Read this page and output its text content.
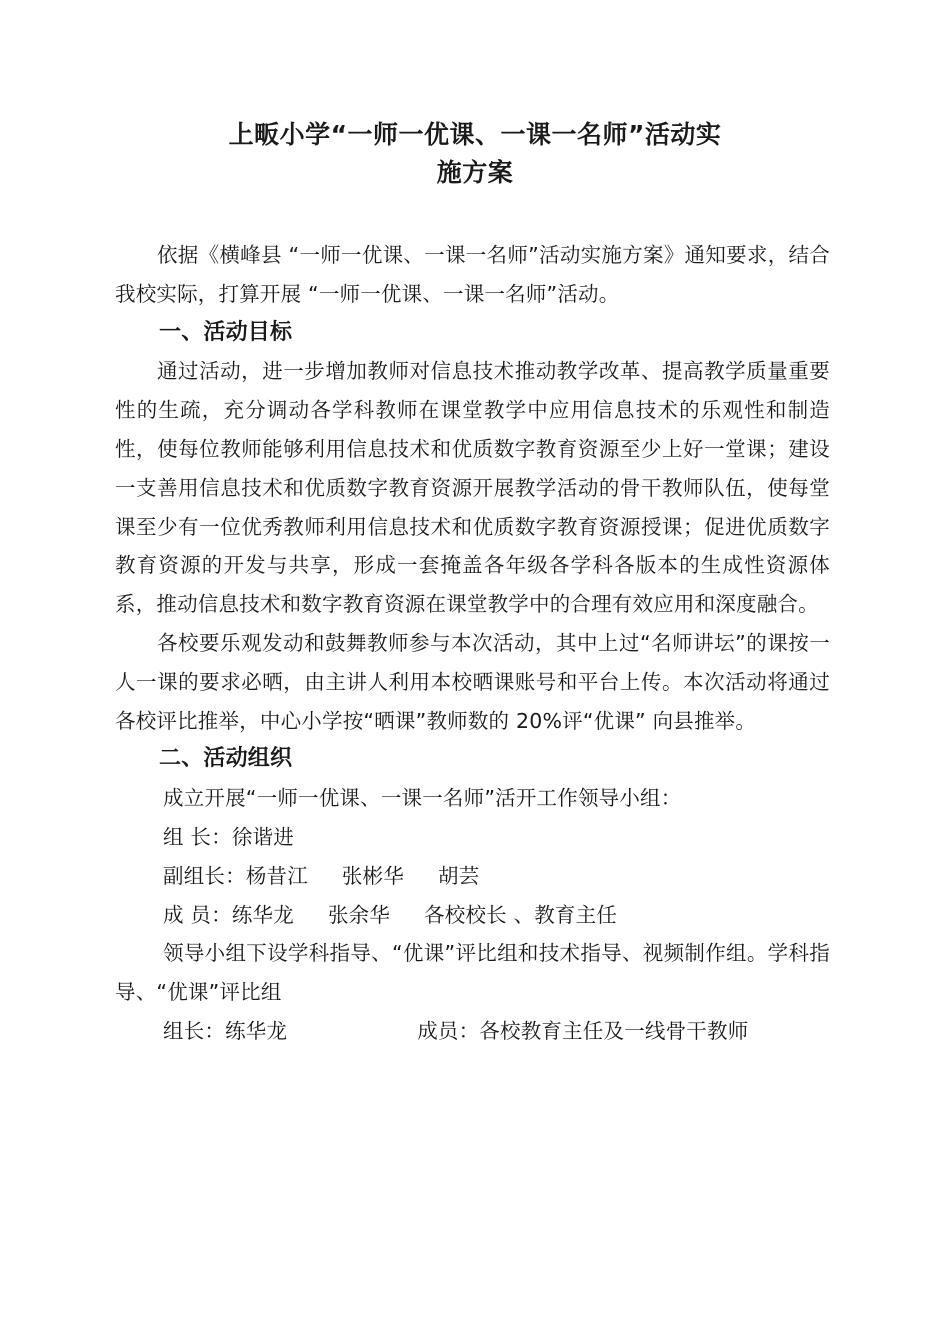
上畈小学“一师一优课、一课一名师”活动实
施方案

依据《横峰县 “一师一优课、一课一名师”活动实施方案》通知要求，结合我校实际，打算开展 “一师一优课、一课一名师”活动。

一、活动目标

通过活动，进一步增加教师对信息技术推动教学改革、提高教学质量重要性的生疏，充分调动各学科教师在课堂教学中应用信息技术的乐观性和制造性，使每位教师能够利用信息技术和优质数字教育资源至少上好一堂课；建设一支善用信息技术和优质数字教育资源开展教学活动的骨干教师队伍，使每堂课至少有一位优秀教师利用信息技术和优质数字教育资源授课；促进优质数字教育资源的开发与共享，形成一套掩盖各年级各学科各版本的生成性资源体系，推动信息技术和数字教育资源在课堂教学中的合理有效应用和深度融合。

各校要乐观发动和鼓舞教师参与本次活动，其中上过“名师讲坛”的课按一人一课的要求必晒，由主讲人利用本校晒课账号和平台上传。本次活动将通过各校评比推举，中心小学按“晒课”教师数的 20%评“优课” 向县推举。

二、活动组织

成立开展“一师一优课、一课一名师”活开工作领导小组：

组 长：徐谐进

副组长：杨昔江 张彬华 胡芸

成 员：练华龙 张余华 各校校长 、教育主任

领导小组下设学科指导、“优课”评比组和技术指导、视频制作组。学科指导、“优课”评比组

组长：练华龙	成员：各校教育主任及一线骨干教师
